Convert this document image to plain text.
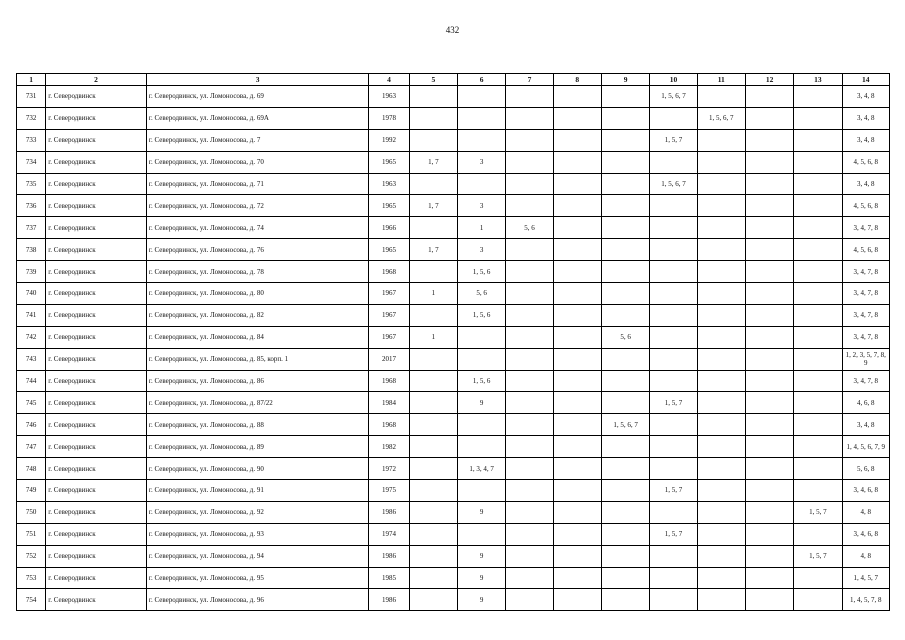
432
1	2	3	4	5	6	7	8	9	10	11	12	13	14
731	г. Северодвинск	г. Северодвинск, ул. Ломоносова, д. 69	1963						1, 5, 6, 7				3, 4, 8
732	г. Северодвинск	г. Северодвинск, ул. Ломоносова, д. 69А	1978							1, 5, 6, 7			3, 4, 8
733	г. Северодвинск	г. Северодвинск, ул. Ломоносова, д. 7	1992						1, 5, 7				3, 4, 8
734	г. Северодвинск	г. Северодвинск, ул. Ломоносова, д. 70	1965	1, 7	3								4, 5, 6, 8
735	г. Северодвинск	г. Северодвинск, ул. Ломоносова, д. 71	1963						1, 5, 6, 7				3, 4, 8
736	г. Северодвинск	г. Северодвинск, ул. Ломоносова, д. 72	1965	1, 7	3								4, 5, 6, 8
737	г. Северодвинск	г. Северодвинск, ул. Ломоносова, д. 74	1966		1	5, 6							3, 4, 7, 8
738	г. Северодвинск	г. Северодвинск, ул. Ломоносова, д. 76	1965	1, 7	3								4, 5, 6, 8
739	г. Северодвинск	г. Северодвинск, ул. Ломоносова, д. 78	1968		1, 5, 6								3, 4, 7, 8
740	г. Северодвинск	г. Северодвинск, ул. Ломоносова, д. 80	1967	1	5, 6								3, 4, 7, 8
741	г. Северодвинск	г. Северодвинск, ул. Ломоносова, д. 82	1967		1, 5, 6								3, 4, 7, 8
742	г. Северодвинск	г. Северодвинск, ул. Ломоносова, д. 84	1967	1				5, 6					3, 4, 7, 8
743	г. Северодвинск	г. Северодвинск, ул. Ломоносова, д. 85, корп. 1	2017										1, 2, 3, 5, 7, 8, 9
744	г. Северодвинск	г. Северодвинск, ул. Ломоносова, д. 86	1968		1, 5, 6								3, 4, 7, 8
745	г. Северодвинск	г. Северодвинск, ул. Ломоносова, д. 87/22	1984		9				1, 5, 7				4, 6, 8
746	г. Северодвинск	г. Северодвинск, ул. Ломоносова, д. 88	1968					1, 5, 6, 7					3, 4, 8
747	г. Северодвинск	г. Северодвинск, ул. Ломоносова, д. 89	1982										1, 4, 5, 6, 7, 9
748	г. Северодвинск	г. Северодвинск, ул. Ломоносова, д. 90	1972		1, 3, 4, 7								5, 6, 8
749	г. Северодвинск	г. Северодвинск, ул. Ломоносова, д. 91	1975						1, 5, 7				3, 4, 6, 8
750	г. Северодвинск	г. Северодвинск, ул. Ломоносова, д. 92	1986		9							1, 5, 7	4, 8
751	г. Северодвинск	г. Северодвинск, ул. Ломоносова, д. 93	1974						1, 5, 7				3, 4, 6, 8
752	г. Северодвинск	г. Северодвинск, ул. Ломоносова, д. 94	1986		9							1, 5, 7	4, 8
753	г. Северодвинск	г. Северодвинск, ул. Ломоносова, д. 95	1985		9								1, 4, 5, 7
754	г. Северодвинск	г. Северодвинск, ул. Ломоносова, д. 96	1986		9								1, 4, 5, 7, 8
